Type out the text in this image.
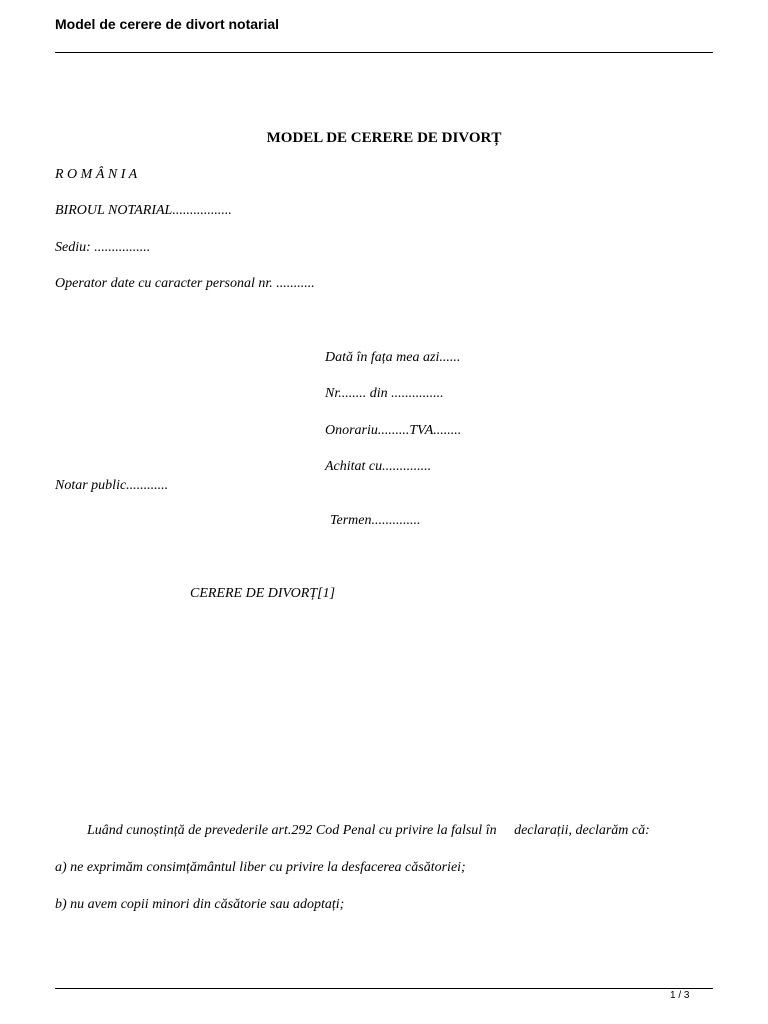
Model de cerere de divort notarial
MODEL DE CERERE DE DIVORȚ
R O M Â N I A
BIROUL NOTARIAL.................
Sediu: ................
Operator date cu caracter personal nr. ...........
Dată în fața mea azi......
Nr........ din ...............
Onorariu.........TVA........
Achitat cu..............
Notar public............
Termen..............
CERERE DE DIVORȚ[1]
Luând cunoștință de prevederile art.292 Cod Penal cu privire la falsul în     declarații, declarăm că:
a) ne exprimăm consimțământul liber cu privire la desfacerea căsătoriei;
b) nu avem copii minori din căsătorie sau adoptați;
1 / 3
